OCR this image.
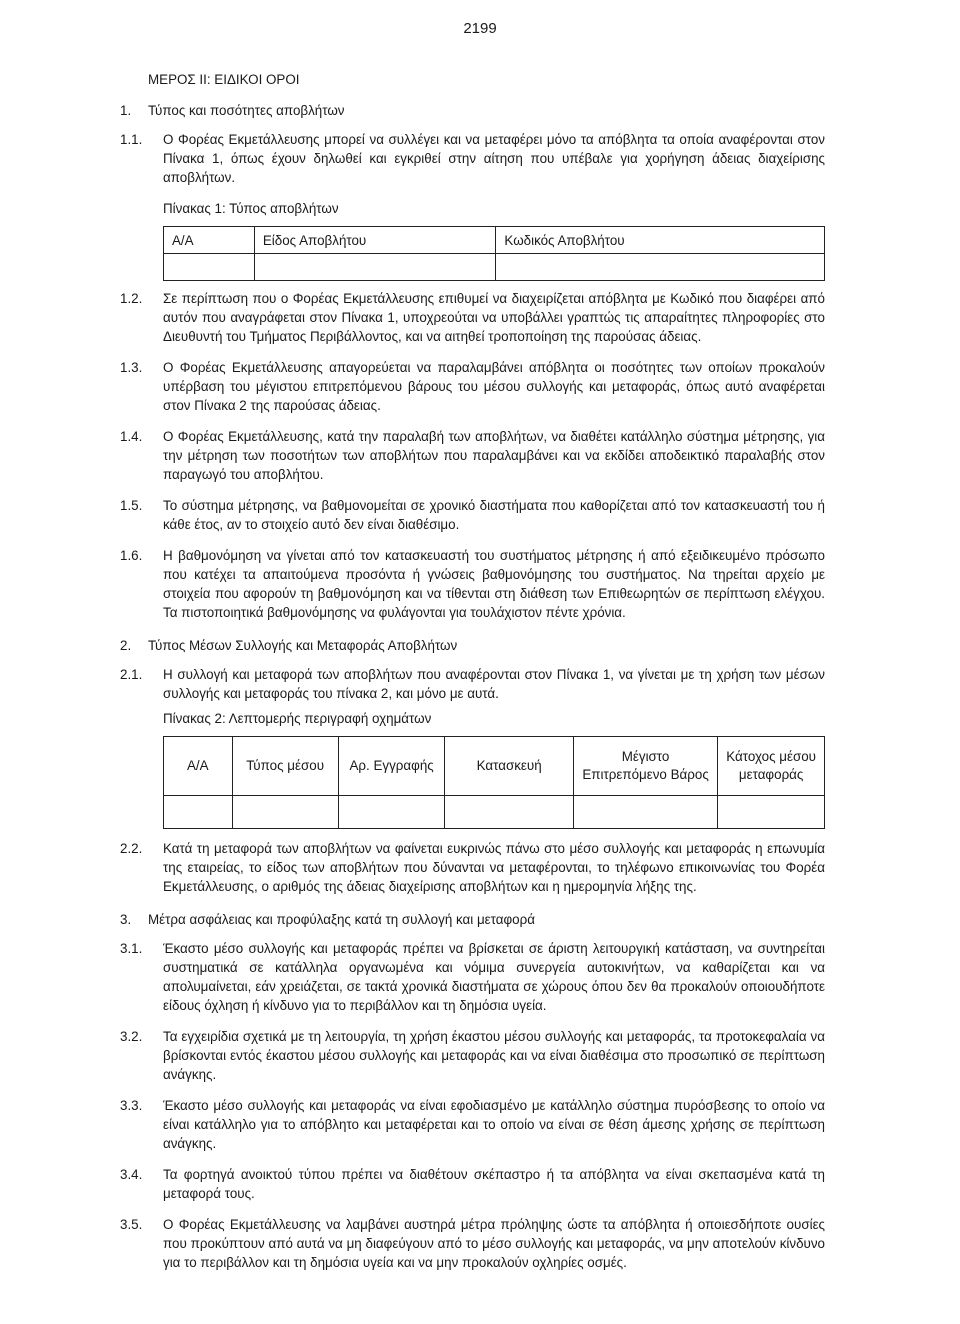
2199
ΜΕΡΟΣ ΙΙ: ΕΙΔΙΚΟΙ ΟΡΟΙ
1. Τύπος και ποσότητες αποβλήτων
1.1. Ο Φορέας Εκμετάλλευσης μπορεί να συλλέγει και να μεταφέρει μόνο τα απόβλητα τα οποία αναφέρονται στον Πίνακα 1, όπως έχουν δηλωθεί και εγκριθεί στην αίτηση που υπέβαλε για χορήγηση άδειας διαχείρισης αποβλήτων.
Πίνακας 1: Τύπος αποβλήτων
Α/Α	Είδος Αποβλήτου	Κωδικός Αποβλήτου

1.2. Σε περίπτωση που ο Φορέας Εκμετάλλευσης επιθυμεί να διαχειρίζεται απόβλητα με Κωδικό που διαφέρει από αυτόν που αναγράφεται στον Πίνακα 1, υποχρεούται να υποβάλλει γραπτώς τις απαραίτητες πληροφορίες στο Διευθυντή του Τμήματος Περιβάλλοντος, και να αιτηθεί τροποποίηση της παρούσας άδειας.
1.3. Ο Φορέας Εκμετάλλευσης απαγορεύεται να παραλαμβάνει απόβλητα οι ποσότητες των οποίων προκαλούν υπέρβαση του μέγιστου επιτρεπόμενου βάρους του μέσου συλλογής και μεταφοράς, όπως αυτό αναφέρεται στον Πίνακα 2 της παρούσας άδειας.
1.4. Ο Φορέας Εκμετάλλευσης, κατά την παραλαβή των αποβλήτων, να διαθέτει κατάλληλο σύστημα μέτρησης, για την μέτρηση των ποσοτήτων των αποβλήτων που παραλαμβάνει και να εκδίδει αποδεικτικό παραλαβής στον παραγωγό του αποβλήτου.
1.5. Το σύστημα μέτρησης, να βαθμονομείται σε χρονικό διαστήματα που καθορίζεται από τον κατασκευαστή του ή κάθε έτος, αν το στοιχείο αυτό δεν είναι διαθέσιμο.
1.6. Η βαθμονόμηση να γίνεται από τον κατασκευαστή του συστήματος μέτρησης ή από εξειδικευμένο πρόσωπο που κατέχει τα απαιτούμενα προσόντα ή γνώσεις βαθμονόμησης του συστήματος. Να τηρείται αρχείο με στοιχεία που αφορούν τη βαθμονόμηση και να τίθενται στη διάθεση των Επιθεωρητών σε περίπτωση ελέγχου. Τα πιστοποιητικά βαθμονόμησης να φυλάγονται για τουλάχιστον πέντε χρόνια.
2. Τύπος Μέσων Συλλογής και Μεταφοράς Αποβλήτων
2.1. Η συλλογή και μεταφορά των αποβλήτων που αναφέρονται στον Πίνακα 1, να γίνεται με τη χρήση των μέσων συλλογής και μεταφοράς του πίνακα 2, και μόνο με αυτά.
Πίνακας 2: Λεπτομερής περιγραφή οχημάτων
Α/Α	Τύπος μέσου	Αρ. Εγγραφής	Κατασκευή	Μέγιστο Επιτρεπόμενο Βάρος	Κάτοχος μέσου μεταφοράς

2.2. Κατά τη μεταφορά των αποβλήτων να φαίνεται ευκρινώς πάνω στο μέσο συλλογής και μεταφοράς η επωνυμία της εταιρείας, το είδος των αποβλήτων που δύνανται να μεταφέρονται, το τηλέφωνο επικοινωνίας του Φορέα Εκμετάλλευσης, ο αριθμός της άδειας διαχείρισης αποβλήτων και η ημερομηνία λήξης της.
3. Μέτρα ασφάλειας και προφύλαξης κατά τη συλλογή και μεταφορά
3.1. Έκαστο μέσο συλλογής και μεταφοράς πρέπει να βρίσκεται σε άριστη λειτουργική κατάσταση, να συντηρείται συστηματικά σε κατάλληλα οργανωμένα και νόμιμα συνεργεία αυτοκινήτων, να καθαρίζεται και να απολυμαίνεται, εάν χρειάζεται, σε τακτά χρονικά διαστήματα σε χώρους όπου δεν θα προκαλούν οποιουδήποτε είδους όχληση ή κίνδυνο για το περιβάλλον και τη δημόσια υγεία.
3.2. Τα εγχειρίδια σχετικά με τη λειτουργία, τη χρήση έκαστου μέσου συλλογής και μεταφοράς, τα προτοκεφαλαία να βρίσκονται εντός έκαστου μέσου συλλογής και μεταφοράς και να είναι διαθέσιμα στο προσωπικό σε περίπτωση ανάγκης.
3.3. Έκαστο μέσο συλλογής και μεταφοράς να είναι εφοδιασμένο με κατάλληλο σύστημα πυρόσβεσης το οποίο να είναι κατάλληλο για το απόβλητο και μεταφέρεται και το οποίο να είναι σε θέση άμεσης χρήσης σε περίπτωση ανάγκης.
3.4. Τα φορτηγά ανοικτού τύπου πρέπει να διαθέτουν σκέπαστρο ή τα απόβλητα να είναι σκεπασμένα κατά τη μεταφορά τους.
3.5. Ο Φορέας Εκμετάλλευσης να λαμβάνει αυστηρά μέτρα πρόληψης ώστε τα απόβλητα ή οποιεσδήποτε ουσίες που προκύπτουν από αυτά να μη διαφεύγουν από το μέσο συλλογής και μεταφοράς, να μην αποτελούν κίνδυνο για το περιβάλλον και τη δημόσια υγεία και να μην προκαλούν οχληρίες οσμές.
